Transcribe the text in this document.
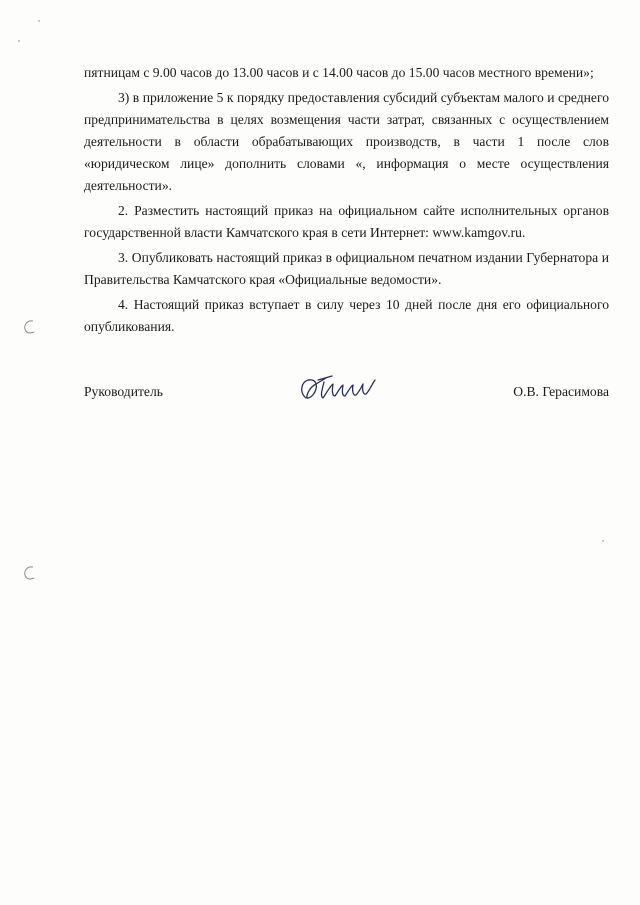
пятницам с 9.00 часов до 13.00 часов и с 14.00 часов до 15.00 часов местного времени»;

3) в приложение 5 к порядку предоставления субсидий субъектам малого и среднего предпринимательства в целях возмещения части затрат, связанных с осуществлением деятельности в области обрабатывающих производств, в части 1 после слов «юридическом лице» дополнить словами «, информация о месте осуществления деятельности».

2. Разместить настоящий приказ на официальном сайте исполнительных органов государственной власти Камчатского края в сети Интернет: www.kamgov.ru.

3. Опубликовать настоящий приказ в официальном печатном издании Губернатора и Правительства Камчатского края «Официальные ведомости».

4. Настоящий приказ вступает в силу через 10 дней после дня его официального опубликования.

Руководитель	О.В. Герасимова
